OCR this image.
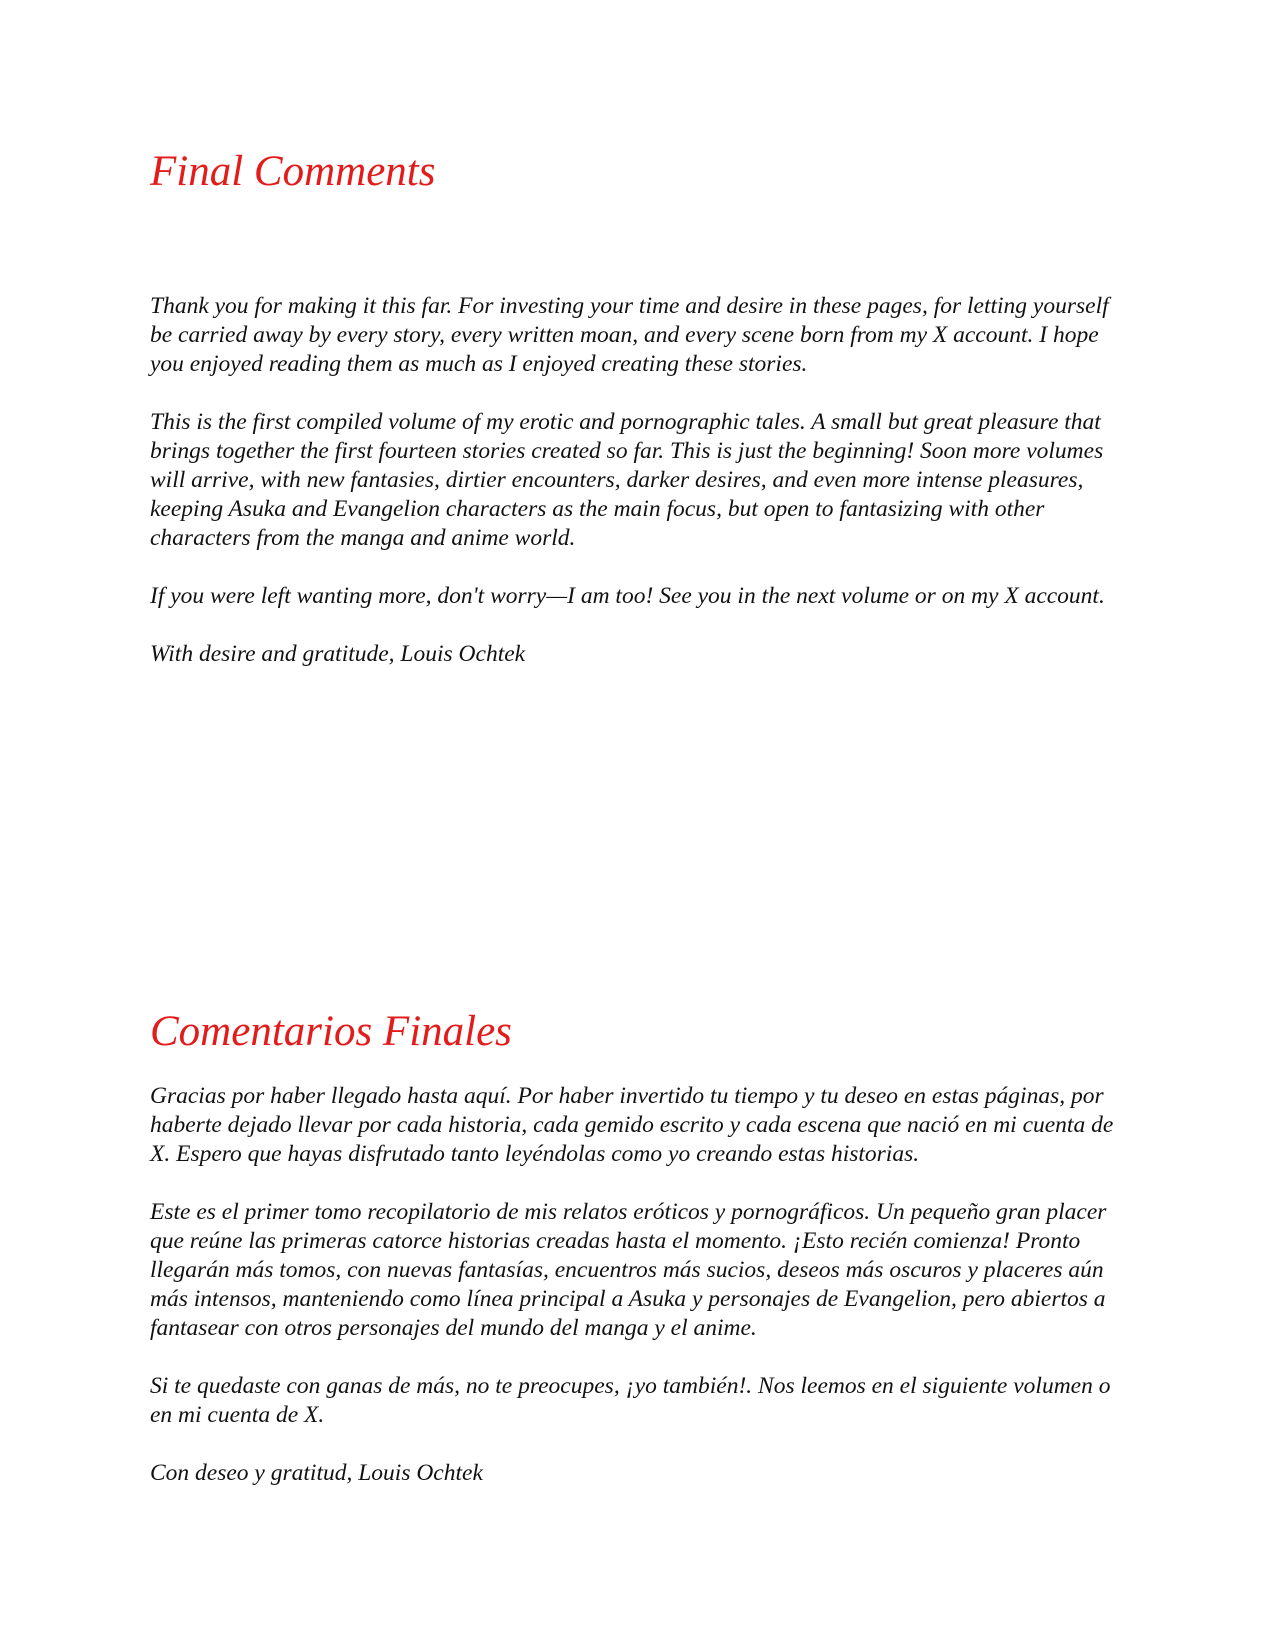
Final Comments

Thank you for making it this far. For investing your time and desire in these pages, for letting yourself be carried away by every story, every written moan, and every scene born from my X account. I hope you enjoyed reading them as much as I enjoyed creating these stories.

This is the first compiled volume of my erotic and pornographic tales. A small but great pleasure that brings together the first fourteen stories created so far. This is just the beginning! Soon more volumes will arrive, with new fantasies, dirtier encounters, darker desires, and even more intense pleasures, keeping Asuka and Evangelion characters as the main focus, but open to fantasizing with other characters from the manga and anime world.

If you were left wanting more, don't worry—I am too! See you in the next volume or on my X account.

With desire and gratitude, Louis Ochtek

Comentarios Finales

Gracias por haber llegado hasta aquí. Por haber invertido tu tiempo y tu deseo en estas páginas, por haberte dejado llevar por cada historia, cada gemido escrito y cada escena que nació en mi cuenta de X. Espero que hayas disfrutado tanto leyéndolas como yo creando estas historias.

Este es el primer tomo recopilatorio de mis relatos eróticos y pornográficos. Un pequeño gran placer que reúne las primeras catorce historias creadas hasta el momento. ¡Esto recién comienza! Pronto llegarán más tomos, con nuevas fantasías, encuentros más sucios, deseos más oscuros y placeres aún más intensos, manteniendo como línea principal a Asuka y personajes de Evangelion, pero abiertos a fantasear con otros personajes del mundo del manga y el anime.

Si te quedaste con ganas de más, no te preocupes, ¡yo también!. Nos leemos en el siguiente volumen o en mi cuenta de X.

Con deseo y gratitud, Louis Ochtek
